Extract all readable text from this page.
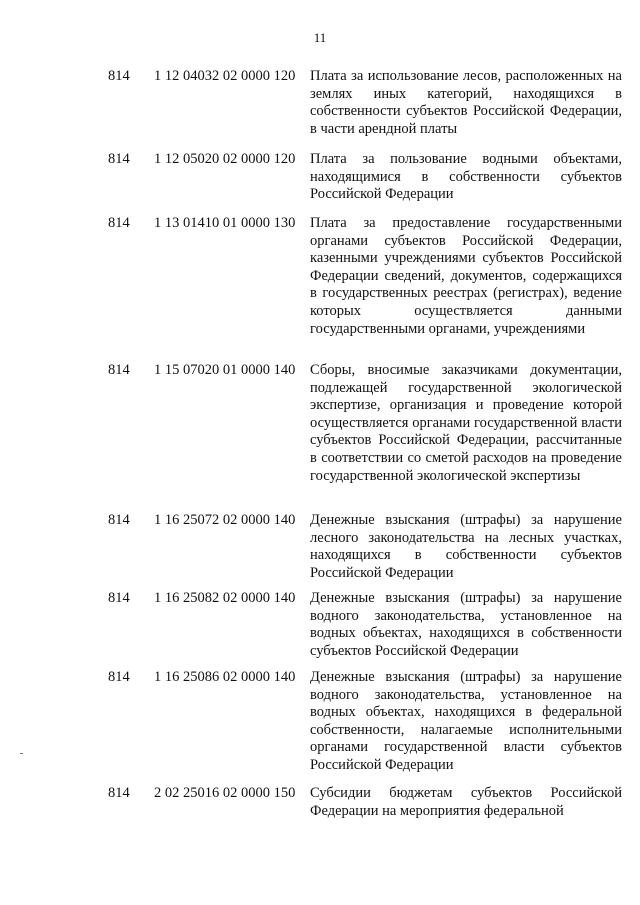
11
814	1 12 04032 02 0000 120	Плата за использование лесов, расположенных на землях иных категорий, находящихся в собственности субъектов Российской Федерации, в части арендной платы
814	1 12 05020 02 0000 120	Плата за пользование водными объектами, находящимися в собственности субъектов Российской Федерации
814	1 13 01410 01 0000 130	Плата за предоставление государственными органами субъектов Российской Федерации, казенными учреждениями субъектов Российской Федерации сведений, документов, содержащихся в государственных реестрах (регистрах), ведение которых осуществляется данными государственными органами, учреждениями
814	1 15 07020 01 0000 140	Сборы, вносимые заказчиками документации, подлежащей государственной экологической экспертизе, организация и проведение которой осуществляется органами государственной власти субъектов Российской Федерации, рассчитанные в соответствии со сметой расходов на проведение государственной экологической экспертизы
814	1 16 25072 02 0000 140	Денежные взыскания (штрафы) за нарушение лесного законодательства на лесных участках, находящихся в собственности субъектов Российской Федерации
814	1 16 25082 02 0000 140	Денежные взыскания (штрафы) за нарушение водного законодательства, установленное на водных объектах, находящихся в собственности субъектов Российской Федерации
814	1 16 25086 02 0000 140	Денежные взыскания (штрафы) за нарушение водного законодательства, установленное на водных объектах, находящихся в федеральной собственности, налагаемые исполнительными органами государственной власти субъектов Российской Федерации
814	2 02 25016 02 0000 150	Субсидии бюджетам субъектов Российской Федерации на мероприятия федеральной
